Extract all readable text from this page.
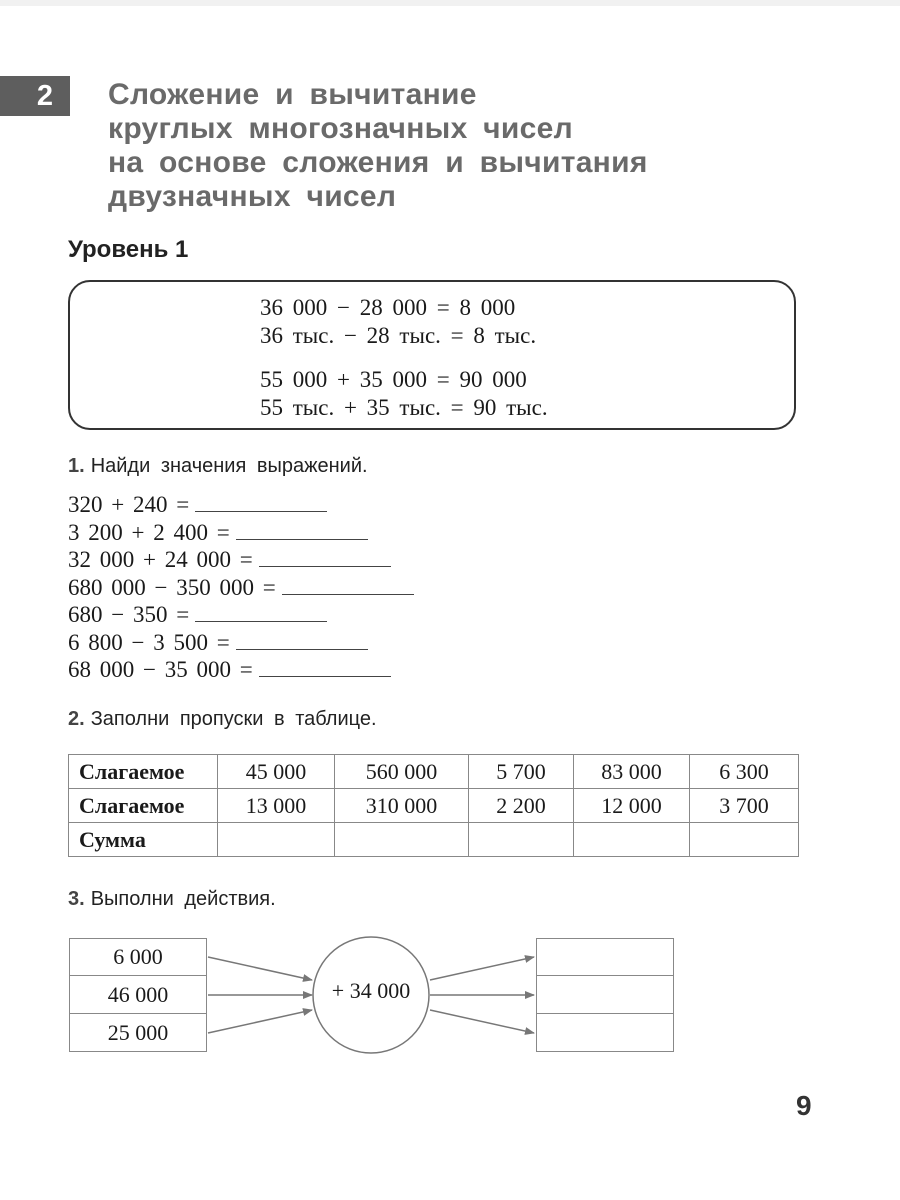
2 Сложение и вычитание
круглых многозначных чисел
на основе сложения и вычитания
двузначных чисел
Уровень 1
36 000 − 28 000 = 8 000
36 тыс. − 28 тыс. = 8 тыс.
55 000 + 35 000 = 90 000
55 тыс. + 35 тыс. = 90 тыс.
1. Найди значения выражений.
320 + 240 =
3 200 + 2 400 =
32 000 + 24 000 =
680 000 − 350 000 =
680 − 350 =
6 800 − 3 500 =
68 000 − 35 000 =
2. Заполни пропуски в таблице.
Слагаемое	45 000	560 000	5 700	83 000	6 300
Слагаемое	13 000	310 000	2 200	12 000	3 700
Сумма					
3. Выполни действия.
6 000
46 000
25 000
+ 34 000
9
